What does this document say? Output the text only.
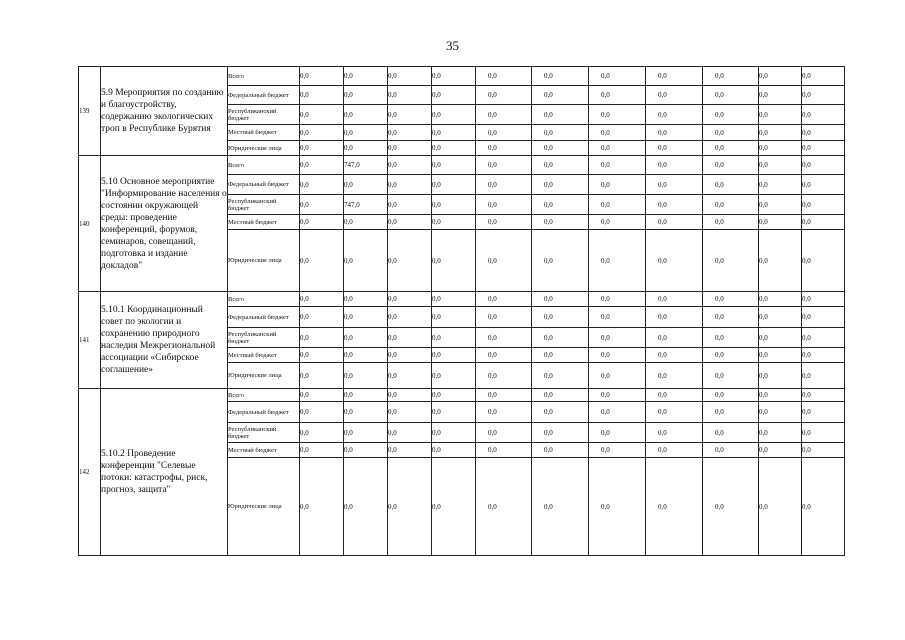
35
139	5.9 Мероприятия по созданию и благоустройству, содержанию экологических троп в Республике Бурятия	Всего	0,0	0,0	0,0	0,0	0,0	0,0	0,0	0,0	0,0	0,0	0,0
		Федеральный бюджет	0,0	0,0	0,0	0,0	0,0	0,0	0,0	0,0	0,0	0,0	0,0
		Республиканский бюджет	0,0	0,0	0,0	0,0	0,0	0,0	0,0	0,0	0,0	0,0	0,0
		Местный бюджет	0,0	0,0	0,0	0,0	0,0	0,0	0,0	0,0	0,0	0,0	0,0
		Юридические лица	0,0	0,0	0,0	0,0	0,0	0,0	0,0	0,0	0,0	0,0	0,0
140	5.10 Основное мероприятие "Информирование населения о состоянии окружающей среды: проведение конференций, форумов, семинаров, совещаний, подготовка и издание докладов"	Всего	0,0	747,0	0,0	0,0	0,0	0,0	0,0	0,0	0,0	0,0	0,0
		Федеральный бюджет	0,0	0,0	0,0	0,0	0,0	0,0	0,0	0,0	0,0	0,0	0,0
		Республиканский бюджет	0,0	747,0	0,0	0,0	0,0	0,0	0,0	0,0	0,0	0,0	0,0
		Местный бюджет	0,0	0,0	0,0	0,0	0,0	0,0	0,0	0,0	0,0	0,0	0,0
		Юридические лица	0,0	0,0	0,0	0,0	0,0	0,0	0,0	0,0	0,0	0,0	0,0
141	5.10.1 Координационный совет по экологии и сохранению природного наследия Межрегиональной ассоциации «Сибирское соглашение»	Всего	0,0	0,0	0,0	0,0	0,0	0,0	0,0	0,0	0,0	0,0	0,0
		Федеральный бюджет	0,0	0,0	0,0	0,0	0,0	0,0	0,0	0,0	0,0	0,0	0,0
		Республиканский бюджет	0,0	0,0	0,0	0,0	0,0	0,0	0,0	0,0	0,0	0,0	0,0
		Местный бюджет	0,0	0,0	0,0	0,0	0,0	0,0	0,0	0,0	0,0	0,0	0,0
		Юридические лица	0,0	0,0	0,0	0,0	0,0	0,0	0,0	0,0	0,0	0,0	0,0
142	5.10.2 Проведение конференции "Селевые потоки: катастрофы, риск, прогноз, защита"	Всего	0,0	0,0	0,0	0,0	0,0	0,0	0,0	0,0	0,0	0,0	0,0
		Федеральный бюджет	0,0	0,0	0,0	0,0	0,0	0,0	0,0	0,0	0,0	0,0	0,0
		Республиканский бюджет	0,0	0,0	0,0	0,0	0,0	0,0	0,0	0,0	0,0	0,0	0,0
		Местный бюджет	0,0	0,0	0,0	0,0	0,0	0,0	0,0	0,0	0,0	0,0	0,0
		Юридические лица	0,0	0,0	0,0	0,0	0,0	0,0	0,0	0,0	0,0	0,0	0,0
